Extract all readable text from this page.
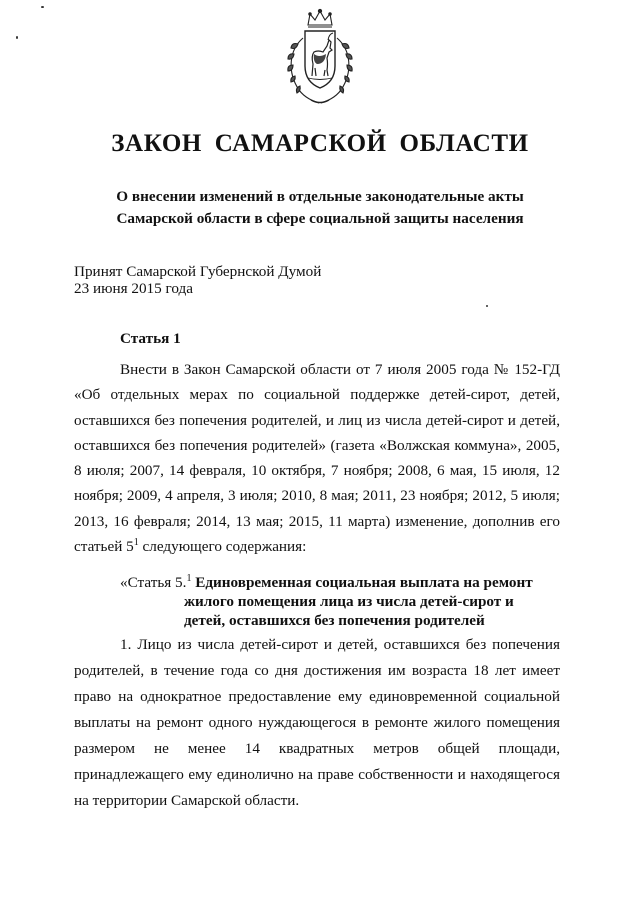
ЗАКОН САМАРСКОЙ ОБЛАСТИ
О внесении изменений в отдельные законодательные акты
Самарской области в сфере социальной защиты населения
Принят Самарской Губернской Думой
23 июня 2015 года
Статья 1
Внести в Закон Самарской области от 7 июля 2005 года № 152-ГД «Об отдельных мерах по социальной поддержке детей-сирот, детей, оставшихся без попечения родителей, и лиц из числа детей-сирот и детей, оставшихся без попечения родителей» (газета «Волжская коммуна», 2005, 8 июля; 2007, 14 февраля, 10 октября, 7 ноября; 2008, 6 мая, 15 июля, 12 ноября; 2009, 4 апреля, 3 июля; 2010, 8 мая; 2011, 23 ноября; 2012, 5 июля; 2013, 16 февраля; 2014, 13 мая; 2015, 11 марта) изменение, дополнив его статьей $5^1$ следующего содержания:
«Статья 5.$^1$ Единовременная социальная выплата на ремонт
жилого помещения лица из числа детей-сирот и
детей, оставшихся без попечения родителей
1. Лицо из числа детей-сирот и детей, оставшихся без попечения
родителей, в течение года со дня достижения им возраста 18 лет имеет
право на однократное предоставление ему единовременной социальной
выплаты на ремонт одного нуждающегося в ремонте жилого помещения
размером не менее 14 квадратных метров общей площади,
принадлежащего ему единолично на праве собственности и находящегося
на территории Самарской области.
